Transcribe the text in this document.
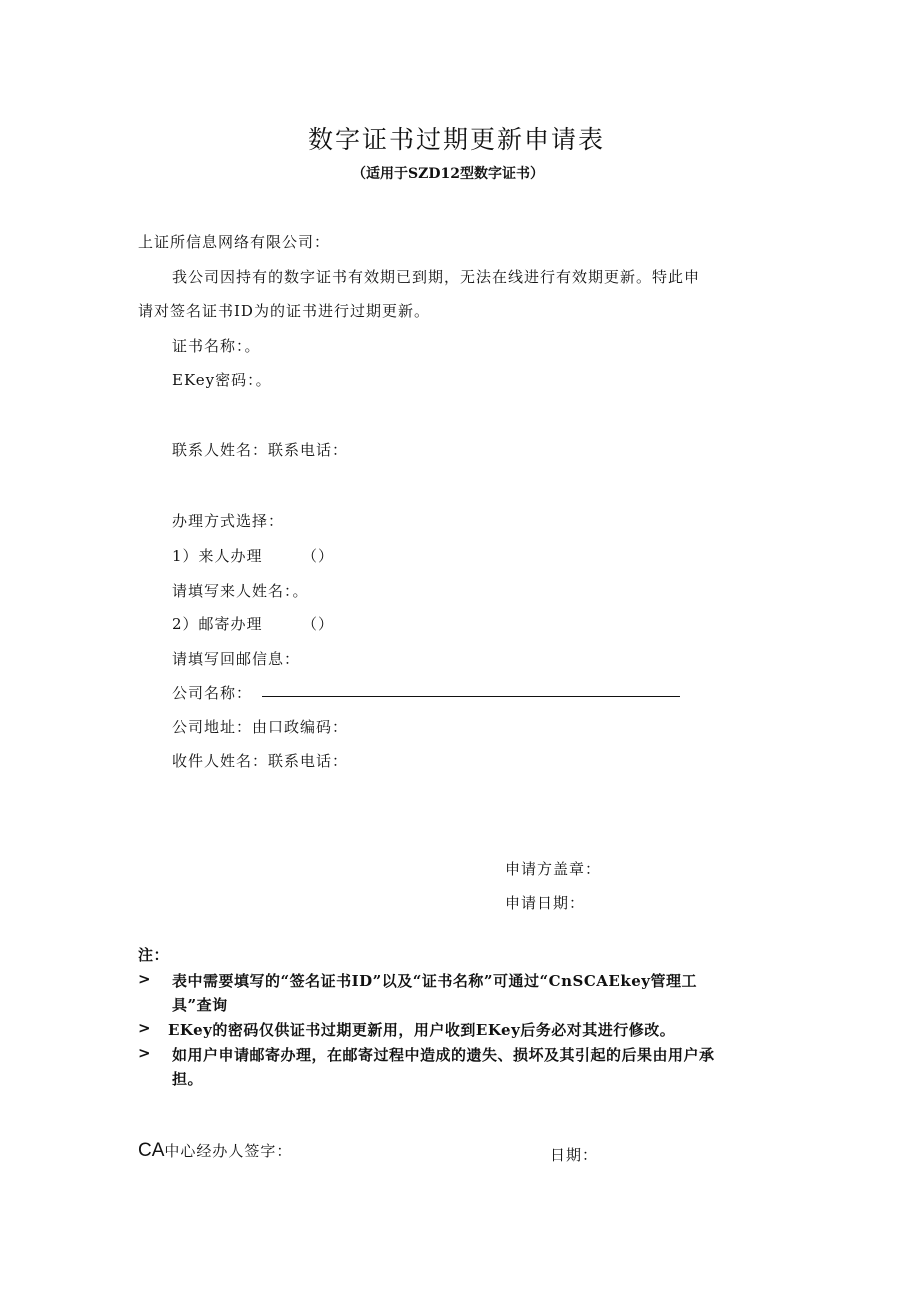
数字证书过期更新申请表
（适用于SZD12型数字证书）
上证所信息网络有限公司：
我公司因持有的数字证书有效期已到期，无法在线进行有效期更新。特此申
请对签名证书ID为的证书进行过期更新。
证书名称：。
EKey密码：。
联系人姓名：联系电话：
办理方式选择：
1）来人办理	（）
请填写来人姓名：。
2）邮寄办理	（）
请填写回邮信息：
公司名称：
公司地址：由口政编码：
收件人姓名：联系电话：
申请方盖章：
申请日期：
注：
> 表中需要填写的“签名证书ID”以及“证书名称”可通过“CnSCAEkey管理工
具”查询
> EKey的密码仅供证书过期更新用，用户收到EKey后务必对其进行修改。
> 如用户申请邮寄办理，在邮寄过程中造成的遗失、损坏及其引起的后果由用户承
担。
CA中心经办人签字：	日期：
